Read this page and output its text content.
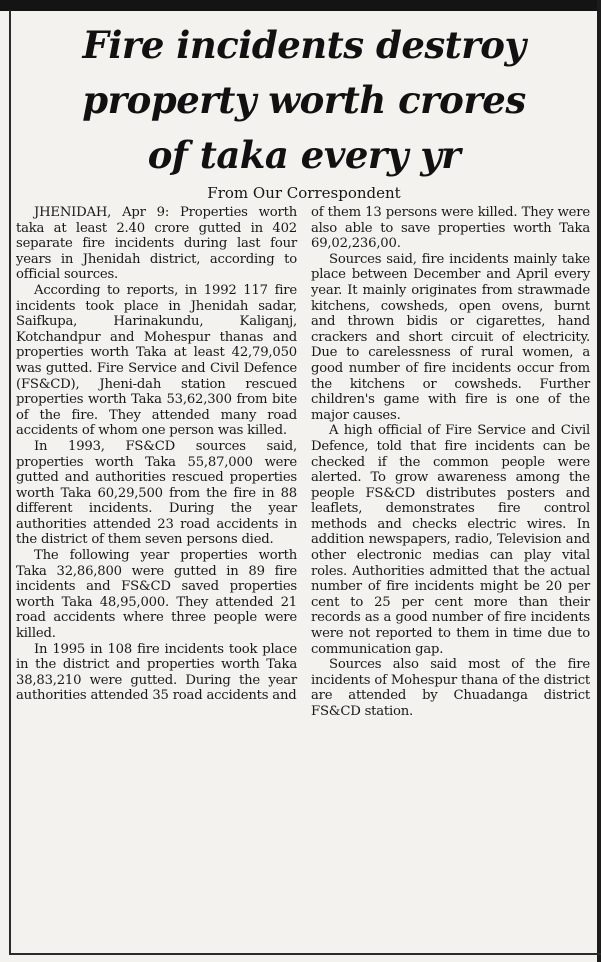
Fire incidents destroy
property worth crores
of taka every yr
From Our Correspondent

JHENIDAH, Apr 9: Properties worth taka at least 2.40 crore gutted in 402 separate fire incidents during last four years in Jhenidah district, according to official sources.

According to reports, in 1992 117 fire incidents took place in Jhenidah sadar, Saifkupa, Harinakundu, Kaliganj, Kotchandpur and Mohespur thanas and properties worth Taka at least 42,79,050 was gutted. Fire Service and Civil Defence (FS&CD), Jheni-dah station rescued properties worth Taka 53,62,300 from bite of the fire. They attended many road accidents of whom one person was killed.

In 1993, FS&CD sources said, properties worth Taka 55,87,000 were gutted and authorities rescued properties worth Taka 60,29,500 from the fire in 88 different incidents. During the year authorities attended 23 road accidents in the district of them seven persons died.

The following year properties worth Taka 32,86,800 were gutted in 89 fire incidents and FS&CD saved properties worth Taka 48,95,000. They attended 21 road accidents where three people were killed.

In 1995 in 108 fire incidents took place in the district and properties worth Taka 38,83,210 were gutted. During the year authorities attended 35 road accidents and

of them 13 persons were killed. They were also able to save properties worth Taka 69,02,236,00.

Sources said, fire incidents mainly take place between December and April every year. It mainly originates from strawmade kitchens, cowsheds, open ovens, burnt and thrown bidis or cigarettes, hand crackers and short circuit of electricity. Due to carelessness of rural women, a good number of fire incidents occur from the kitchens or cowsheds. Further children's game with fire is one of the major causes.

A high official of Fire Service and Civil Defence, told that fire incidents can be checked if the common people were alerted. To grow awareness among the people FS&CD distributes posters and leaflets, demonstrates fire control methods and checks electric wires. In addition newspapers, radio, Television and other electronic medias can play vital roles. Authorities admitted that the actual number of fire incidents might be 20 per cent to 25 per cent more than their records as a good number of fire incidents were not reported to them in time due to communication gap.

Sources also said most of the fire incidents of Mohespur thana of the district are attended by Chuadanga district FS&CD station.
